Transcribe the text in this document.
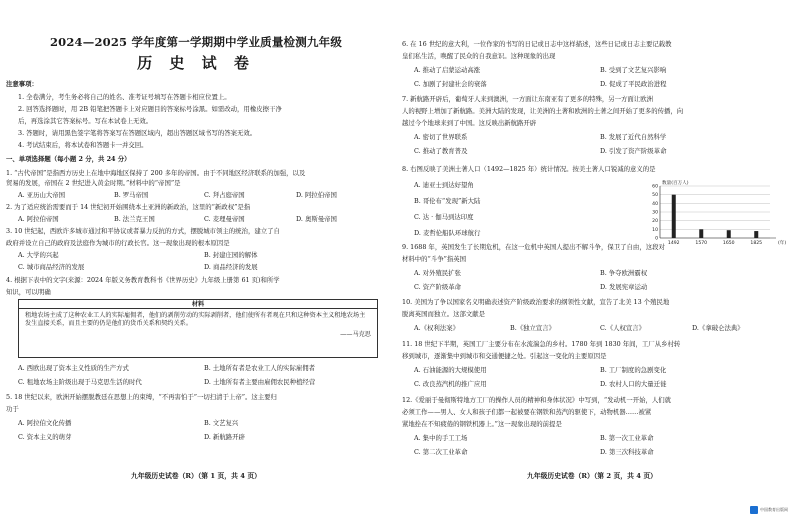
2024—2025 学年度第一学期期中学业质量检测九年级
历 史 试 卷
注意事项：
1. 全卷满分，考生务必将自己的姓名、准考证号填写在答题卡相应位置上。
2. 回答选择题时，用 2B 铅笔把答题卡上对应题目的答案标号涂黑。如需改动，用橡皮擦干净
后，再选涂其它答案标号。写在本试卷上无效。
3. 答题时，请用黑色签字笔将答案写在答题区域内，超出答题区域书写的答案无效。
4. 考试结束后，将本试卷和答题卡一并交回。
一、单项选择题（每小题 2 分，共 24 分）
1. “古代帝国”是指西方历史上在地中海地区保持了 200 多年的帝国。由于不同地区经济联系的加强，以及
贸易的发展，帝国在 2 世纪进入黄金时期。”材料中的“帝国”是
A. 亚历山大帝国	B. 罗马帝国	C. 拜占庭帝国	D. 阿拉伯帝国
2. 为了适应统治需要而于 14 世纪初开始围绕本土亚洲的新政治，这里的“新政权”是指
A. 阿拉伯帝国	B. 法兰克王国	C. 麦理曼帝国	D. 奥斯曼帝国
3. 10 世纪起，西欧许多城市通过和平协议或者暴力反抗的方式，摆脱城市领主的统治，建立了自
政府并设立自己的政府及法庭作为城市的行政长官。这一现象出现的根本原因是
A. 大学的兴起	B. 封建庄园的解体
C. 城市商品经济的发展	D. 商品经济的发展
4. 根据下表中的文字(来源：2024 年版义务教育教科书《世界历史》九年级上册第 61 页)和所学
知识，可以明确
材料
租地农场主成了这种农业工人的实际雇佣者，他们的剥削劳动的实际剥削者，他们使所有者观在只和这种资本主义租地农场主发生直接关系，而且主要的仍是他们的货币关系和契约关系。
——马克思
A. 西欧出现了资本主义性质的生产方式	B. 土地所有者是农业工人的实际雇佣者
C. 租地农场主阶级出现于马克思生活的时代	D. 土地所有者主要由雇佣农民种植经营
5. 18 世纪以来，欧洲开始摆脱教廷在思想上的束缚，“不再害怕于”一切扫清于上帝”。这主要归
功于
A. 阿拉伯文化传播	B. 文艺复兴
C. 资本主义的萌芽	D. 新航路开辟
九年级历史试卷（R）（第 1 页，共 4 页）
6. 在 16 世纪的意大利，一位作家的书写的日记或日志中这样描述，这些日记或日志主要记载教
皇们私生活，唤醒了民众的自我意识。这种现象的出现
A. 推动了启蒙运动高涨	B. 受到了文艺复兴影响
C. 加剧了封建社会的衰落	D. 促成了平民政治进程
7. 新航路开辟后，葡萄牙人来到澳洲，一方面让东南亚有了更多的特殊，另一方面让欧洲
人的视野上增加了新航路。美洲大陆的发现，让美洲的土著和欧洲的土著之间开始了更多的传播，向
越过今个地球来到了中国。这反映出新航路开辟
A. 密切了世界联系	B. 发展了近代自然科学
C. 推动了教育普及	D. 引发了资产阶级革命
8. 右图反映了美洲土著人口（1492—1825 年）统计情况。按美土著人口锐减的意义的是
A. 迪亚士到达好望角
B. 哥伦布“发现”新大陆
C. 达 · 伽马到达印度
D. 麦哲伦船队环球航行
数量(百万人)
60
50
40
30
20
10
0
1492	1570	1650	1825	(年)
9. 1688 年，英国发生了长期危机，在这一危机中英国人提出不解斗争，保卫了自由，这段对
材料中的“斗争”指英国
A. 对外殖民扩张	B. 争夺欧洲霸权
C. 资产阶级革命	D. 发展宪章运动
10. 美国为了争以国家名义明确表述资产阶级政治要求的纲领性文献，宣告了北美 13 个殖民地
脱离英国而独立。这部文献是
A.《权利法案》	B.《独立宣言》	C.《人权宣言》	D.《拿破仑法典》
11. 18 世纪下半期，英国工厂主要分布在水流湍急的乡村。1780 年到 1830 年间，工厂从乡村转
移到城市，逐渐集中到城市和交通便捷之处。引起这一变化的主要原因是
A. 石油能源的大规模使用	B. 工厂制度的急剧变化
C. 改良蒸汽机的推广应用	D. 农村人口的大量迁徙
12.《爱丽于曼彻斯特地方工厂的操作人员的精神和身体状况》中写到，“发动机一开始，人们就
必须工作——男人、女人和孩子们都一起被要在钢铁和蒸汽的驱使下，动物机器……被紧
紧地拴在不知疲倦的钢铁机器上。”这一现象出现的前提是
A. 集中的手工工场	B. 第一次工业革命
C. 第二次工业革命	D. 第三次科技革命
九年级历史试卷（R）（第 2 页，共 4 页）
中国教育出版网
